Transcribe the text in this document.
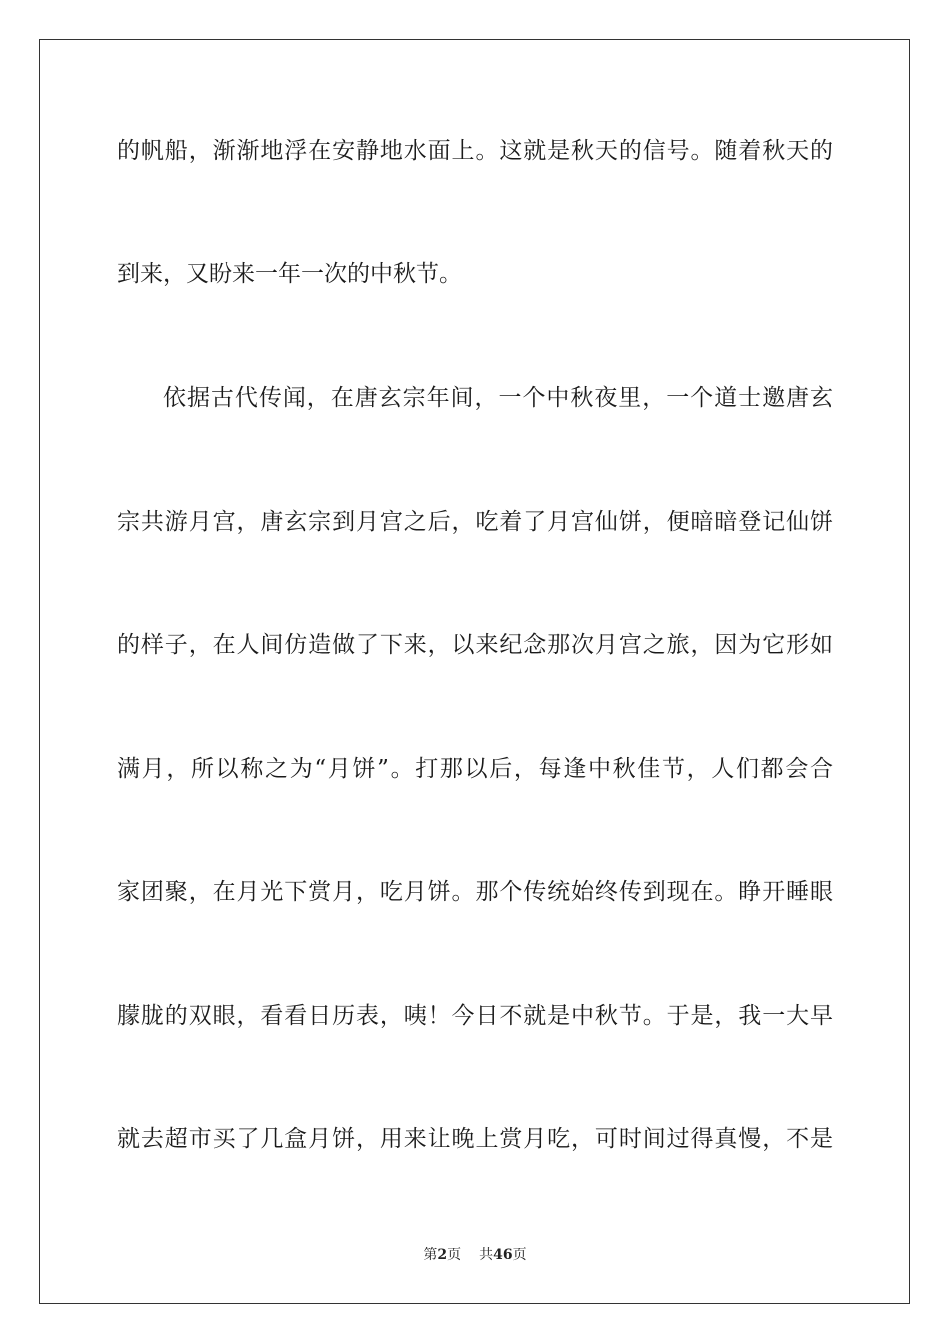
的帆船，渐渐地浮在安静地水面上。这就是秋天的信号。随着秋天的
到来，又盼来一年一次的中秋节。
依据古代传闻，在唐玄宗年间，一个中秋夜里，一个道士邀唐玄
宗共游月宫，唐玄宗到月宫之后，吃着了月宫仙饼，便暗暗登记仙饼
的样子，在人间仿造做了下来，以来纪念那次月宫之旅，因为它形如
满月，所以称之为“月饼”。打那以后，每逢中秋佳节，人们都会合
家团聚，在月光下赏月，吃月饼。那个传统始终传到现在。睁开睡眼
朦胧的双眼，看看日历表，咦！今日不就是中秋节。于是，我一大早
就去超市买了几盒月饼，用来让晚上赏月吃，可时间过得真慢，不是
第2页 共46页
